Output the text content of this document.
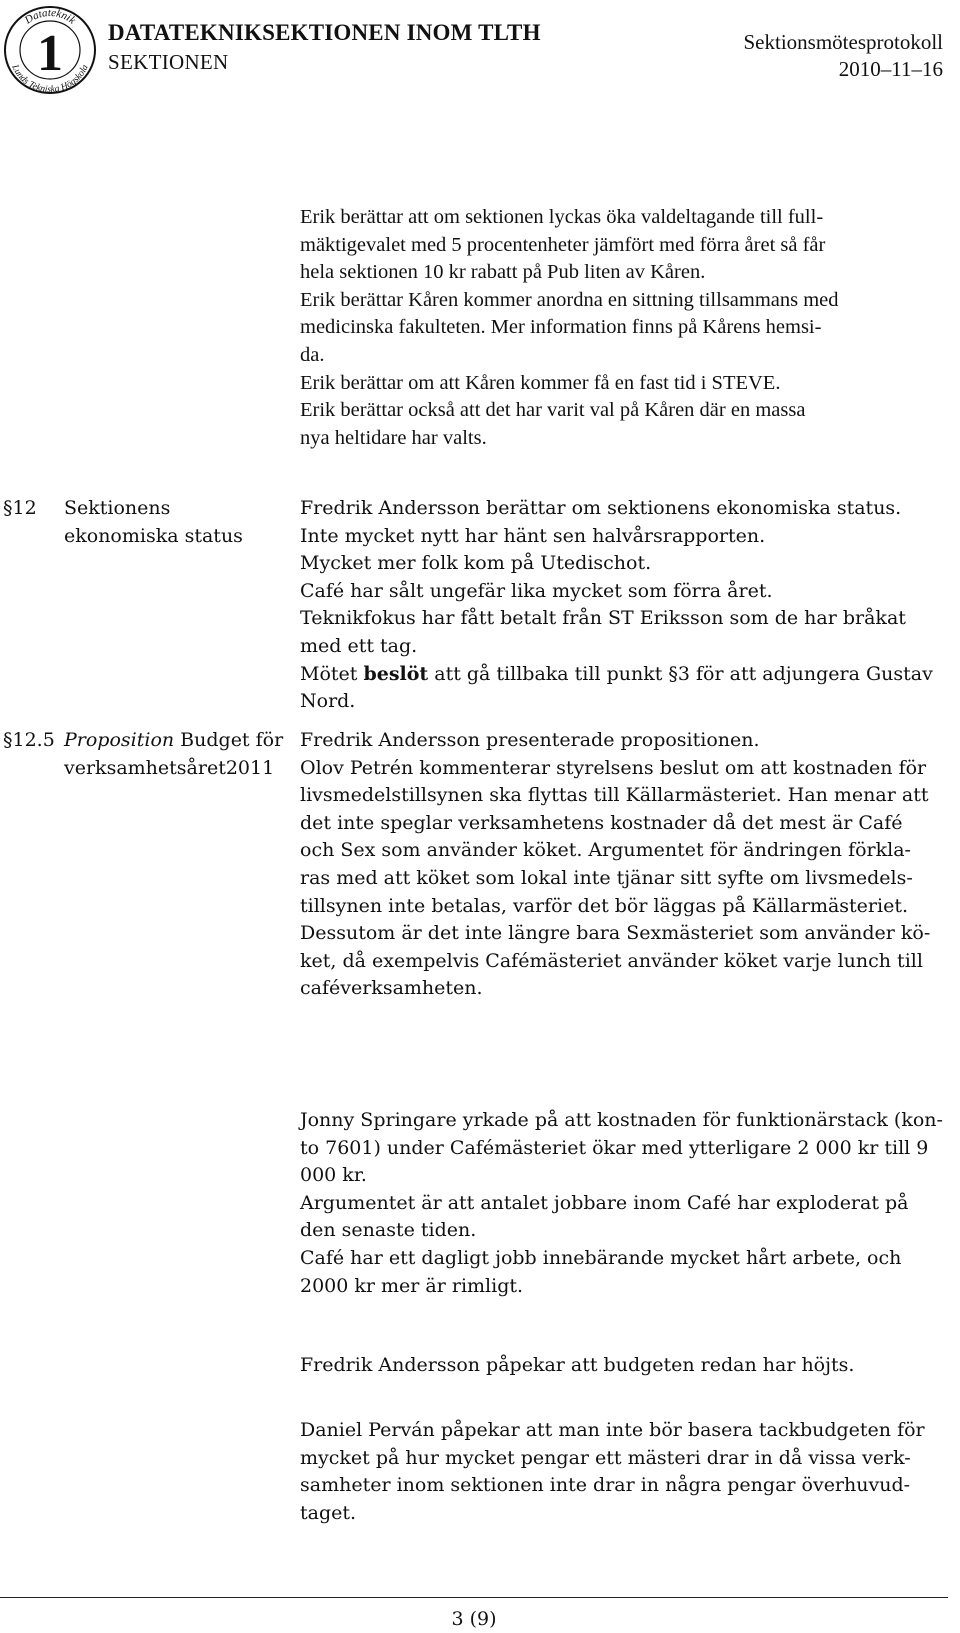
Datateknik
Lunds Tekniska Högskola
1 DATATEKNIKSEKTIONEN INOM TLTH
SEKTIONEN
Sektionsmötesprotokoll
2010–11–16
Erik berättar att om sektionen lyckas öka valdeltagande till full-
mäktigevalet med 5 procentenheter jämfört med förra året så får
hela sektionen 10 kr rabatt på Pub liten av Kåren.
Erik berättar Kåren kommer anordna en sittning tillsammans med
medicinska fakulteten. Mer information finns på Kårens hemsi-
da.
Erik berättar om att Kåren kommer få en fast tid i STEVE.
Erik berättar också att det har varit val på Kåren där en massa
nya heltidare har valts.
§12 Sektionens
ekonomiska status
Fredrik Andersson berättar om sektionens ekonomiska status.
Inte mycket nytt har hänt sen halvårsrapporten.
Mycket mer folk kom på Utedischot.
Café har sålt ungefär lika mycket som förra året.
Teknikfokus har fått betalt från ST Eriksson som de har bråkat
med ett tag.
Mötet beslöt att gå tillbaka till punkt §3 för att adjungera Gustav
Nord.
§12.5 Proposition Budget för
verksamhetsåret2011
Fredrik Andersson presenterade propositionen.
Olov Petrén kommenterar styrelsens beslut om att kostnaden för
livsmedelstillsynen ska flyttas till Källarmästeriet. Han menar att
det inte speglar verksamhetens kostnader då det mest är Café
och Sex som använder köket. Argumentet för ändringen förkla-
ras med att köket som lokal inte tjänar sitt syfte om livsmedels-
tillsynen inte betalas, varför det bör läggas på Källarmästeriet.
Dessutom är det inte längre bara Sexmästeriet som använder kö-
ket, då exempelvis Cafémästeriet använder köket varje lunch till
caféverksamheten.
Jonny Springare yrkade på att kostnaden för funktionärstack (kon-
to 7601) under Cafémästeriet ökar med ytterligare 2 000 kr till 9
000 kr.
Argumentet är att antalet jobbare inom Café har exploderat på
den senaste tiden.
Café har ett dagligt jobb innebärande mycket hårt arbete, och
2000 kr mer är rimligt.
Fredrik Andersson påpekar att budgeten redan har höjts.
Daniel Perván påpekar att man inte bör basera tackbudgeten för
mycket på hur mycket pengar ett mästeri drar in då vissa verk-
samheter inom sektionen inte drar in några pengar överhuvud-
taget.
3 (9)
